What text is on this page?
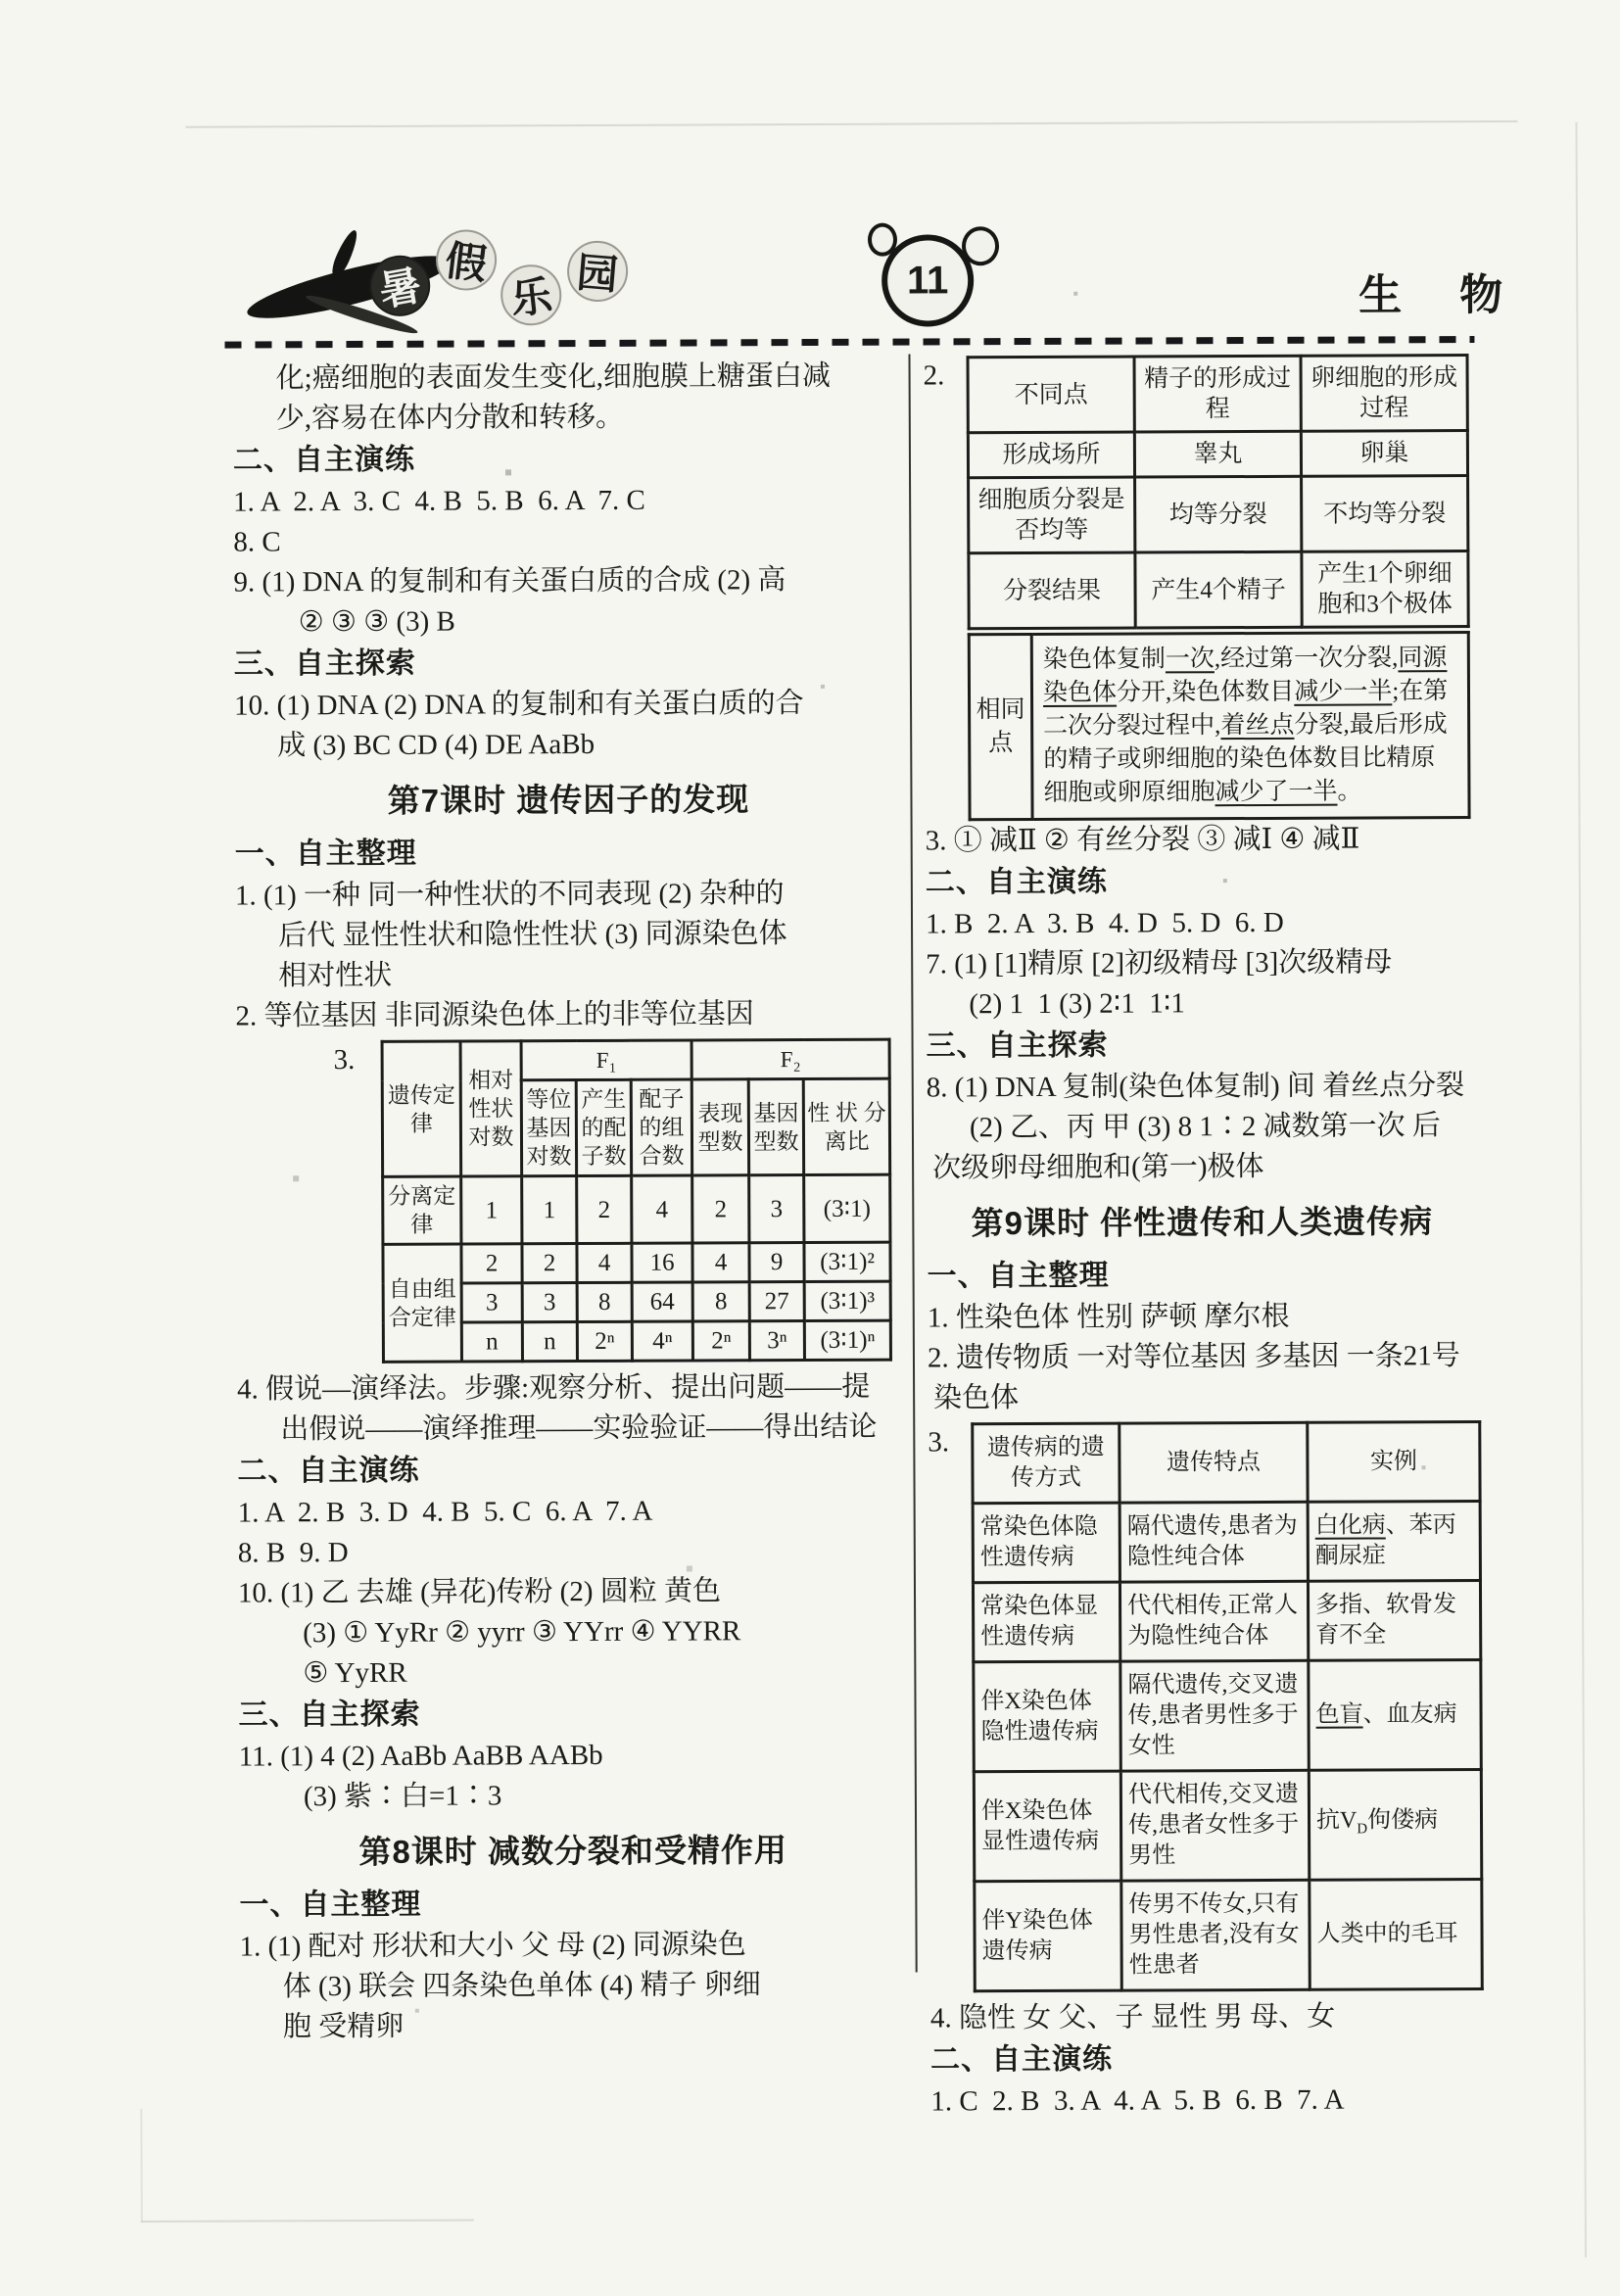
暑 假
乐 园	11	生 物
化;癌细胞的表面发生变化,细胞膜上糖蛋白减
少,容易在体内分散和转移。
二、自主演练
1. A  2. A  3. C  4. B  5. B  6. A  7. C
8. C
9. (1) DNA 的复制和有关蛋白质的合成 (2) 高
② ③ ③ (3) B
三、自主探索
10. (1) DNA (2) DNA 的复制和有关蛋白质的合
成 (3) BC CD (4) DE AaBb
第7课时 遗传因子的发现
一、自主整理
1. (1) 一种 同一种性状的不同表现 (2) 杂种的
后代 显性性状和隐性性状 (3) 同源染色体
相对性状
2. 等位基因 非同源染色体上的非等位基因
3.
遗传定律	相对性状对数	F₁			F₂		
		等位基因对数	产生的配子数	配子的组合数	表现型数	基因型数	性 状 分离比
分离定律	1	1	2	4	2	3	(3∶1)
自由组合定律	2	2	4	16	4	9	(3∶1)²
	3	3	8	64	8	27	(3∶1)³
	n	n	2ⁿ	4ⁿ	2ⁿ	3ⁿ	(3∶1)ⁿ
4. 假说—演绎法。步骤:观察分析、提出问题——提
出假说——演绎推理——实验验证——得出结论
二、自主演练
1. A  2. B  3. D  4. B  5. C  6. A  7. A
8. B  9. D
10. (1) 乙 去雄 (异花)传粉 (2) 圆粒 黄色
(3) ① YyRr ② yyrr ③ YYrr ④ YYRR
⑤ YyRR
三、自主探索
11. (1) 4 (2) AaBb AaBB AABb
(3) 紫∶白=1∶3
第8课时 减数分裂和受精作用
一、自主整理
1. (1) 配对 形状和大小 父 母 (2) 同源染色
体 (3) 联会 四条染色单体 (4) 精子 卵细
胞 受精卵
2.
不同点	精子的形成过程	卵细胞的形成过程
形成场所	睾丸	卵巢
细胞质分裂是否均等	均等分裂	不均等分裂
分裂结果	产生4个精子	产生1个卵细胞和3个极体
相同点	染色体复制一次,经过第一次分裂,同源染色体分开,染色体数目减少一半;在第二次分裂过程中,着丝点分裂,最后形成的精子或卵细胞的染色体数目比精原细胞或卵原细胞减少了一半。
3. ① 减Ⅱ ② 有丝分裂 ③ 减Ⅰ ④ 减Ⅱ
二、自主演练
1. B  2. A  3. B  4. D  5. D  6. D
7. (1) [1]精原 [2]初级精母 [3]次级精母
(2) 1  1 (3) 2∶1  1∶1
三、自主探索
8. (1) DNA 复制(染色体复制) 间 着丝点分裂
(2) 乙、丙 甲 (3) 8 1∶2 减数第一次 后
次级卵母细胞和(第一)极体
第9课时 伴性遗传和人类遗传病
一、自主整理
1. 性染色体 性别 萨顿 摩尔根
2. 遗传物质 一对等位基因 多基因 一条21号
染色体
3.	遗传病的遗传方式	遗传特点	实例
常染色体隐性遗传病	隔代遗传,患者为隐性纯合体	白化病、苯丙酮尿症
常染色体显性遗传病	代代相传,正常人为隐性纯合体	多指、软骨发育不全
伴X染色体隐性遗传病	隔代遗传,交叉遗传,患者男性多于女性	色盲、血友病
伴X染色体显性遗传病	代代相传,交叉遗传,患者女性多于男性	抗$V_D$佝偻病
伴Y染色体遗传病	传男不传女,只有男性患者,没有女性患者	人类中的毛耳
4. 隐性 女 父、子 显性 男 母、女
二、自主演练
1. C  2. B  3. A  4. A  5. B  6. B  7. A
